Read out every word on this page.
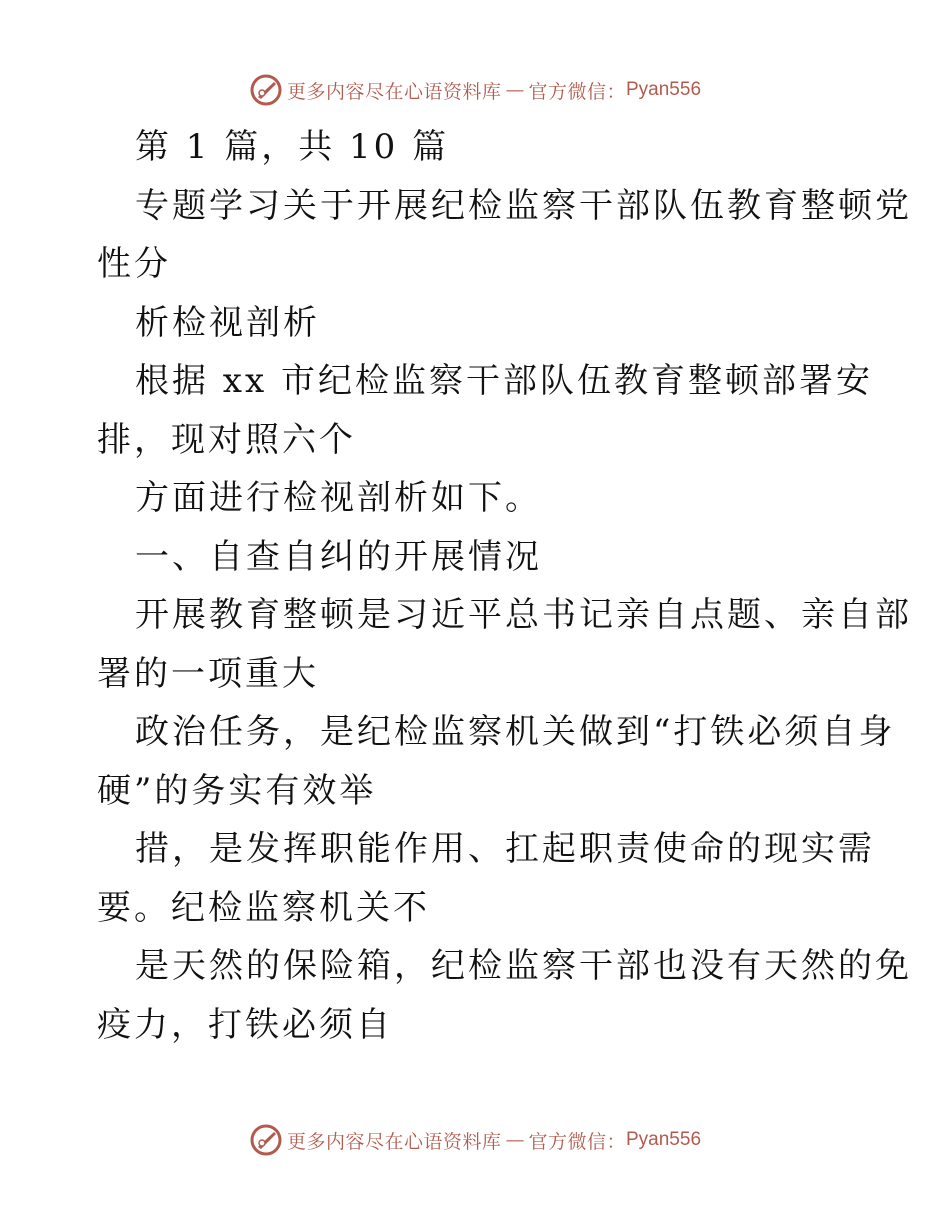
更多内容尽在心语资料库 — 官方微信： Pyan556
第 1 篇，共 10 篇
专题学习关于开展纪检监察干部队伍教育整顿党
性分
析检视剖析
根据 xx 市纪检监察干部队伍教育整顿部署安
排，现对照六个
方面进行检视剖析如下。
一、自查自纠的开展情况
开展教育整顿是习近平总书记亲自点题、亲自部
署的一项重大
政治任务，是纪检监察机关做到“打铁必须自身
硬”的务实有效举
措，是发挥职能作用、扛起职责使命的现实需
要。纪检监察机关不
是天然的保险箱，纪检监察干部也没有天然的免
疫力，打铁必须自
更多内容尽在心语资料库 — 官方微信： Pyan556
